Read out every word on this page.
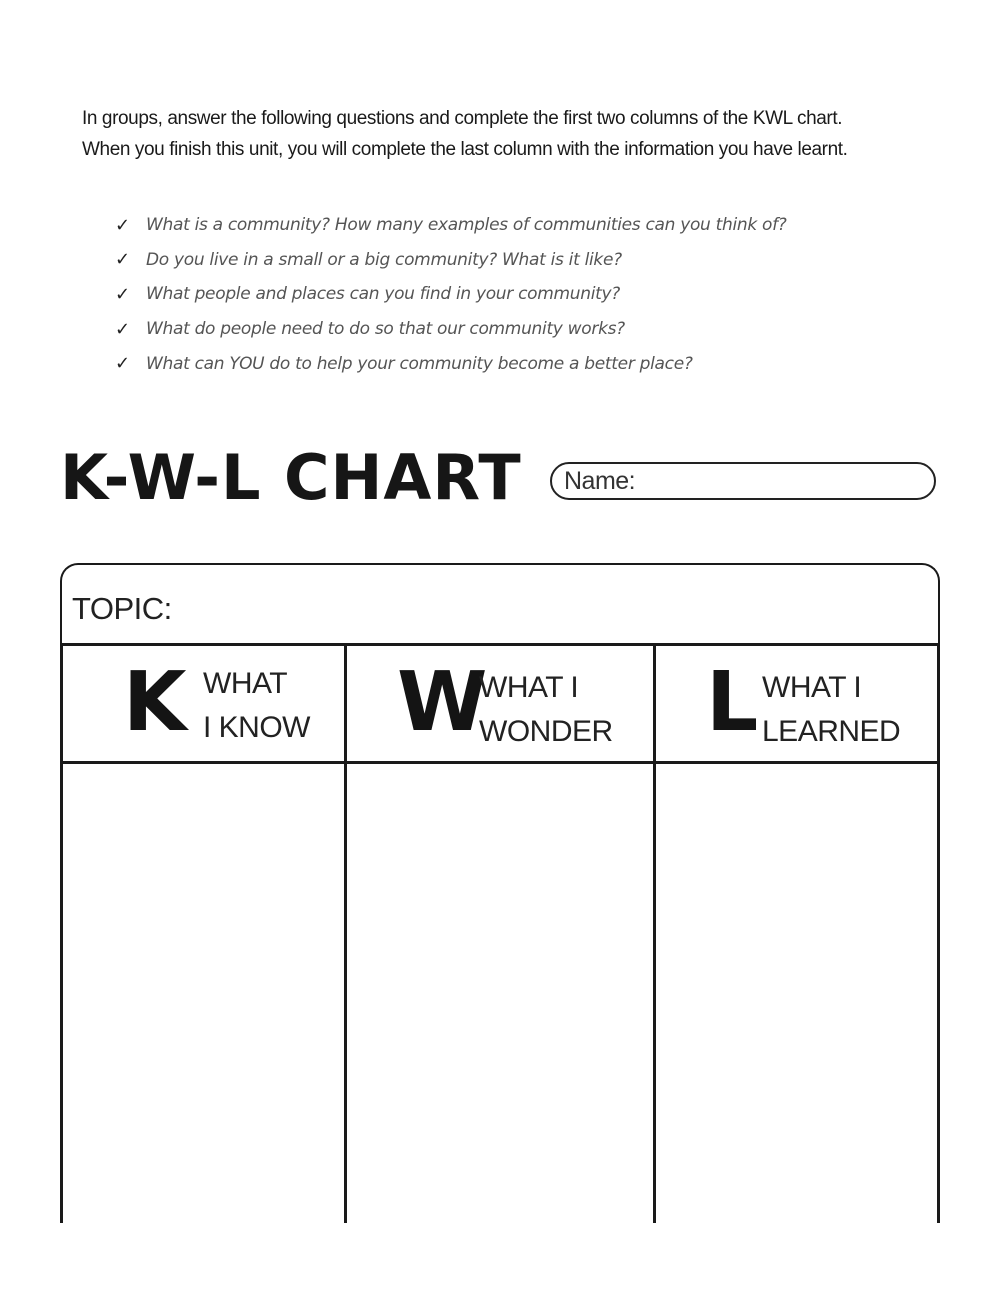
In groups, answer the following questions and complete the first two columns of the KWL chart. When you finish this unit, you will complete the last column with the information you have learnt.

✓ What is a community? How many examples of communities can you think of?
✓ Do you live in a small or a big community? What is it like?
✓ What people and places can you find in your community?
✓ What do people need to do so that our community works?
✓ What can YOU do to help your community become a better place?
K-W-L CHART Name:
TOPIC:
K WHAT
I KNOW W
WHAT I
WONDER L WHAT I
LEARNED
